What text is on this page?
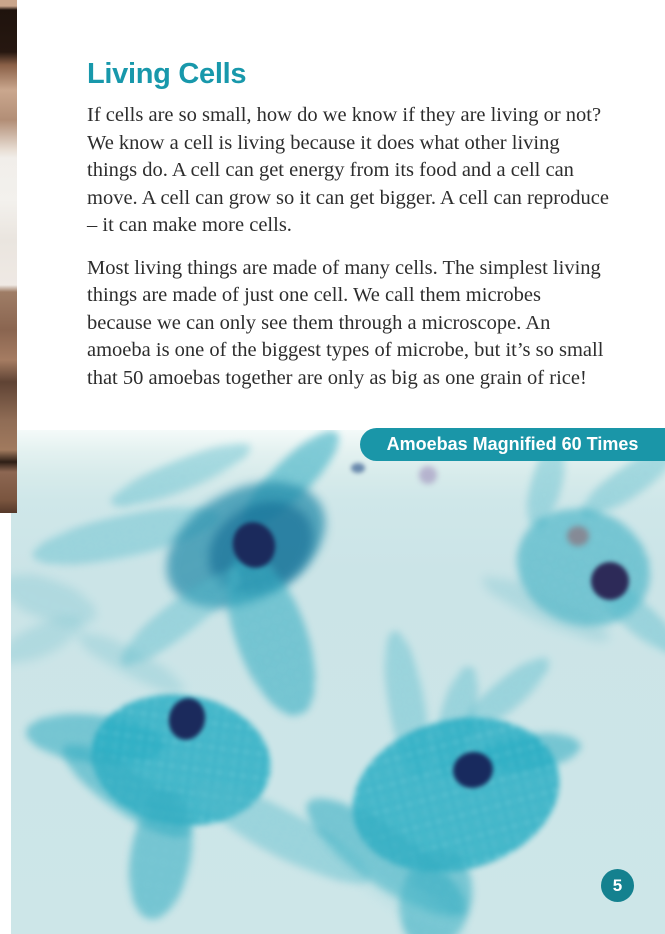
Living Cells

If cells are so small, how do we know if they are living or not? We know a cell is living because it does what other living things do. A cell can get energy from its food and a cell can move. A cell can grow so it can get bigger. A cell can reproduce – it can make more cells.

Most living things are made of many cells. The simplest living things are made of just one cell. We call them microbes because we can only see them through a microscope. An amoeba is one of the biggest types of microbe, but it’s so small that 50 amoebas together are only as big as one grain of rice!

Amoebas Magnified 60 Times
5
